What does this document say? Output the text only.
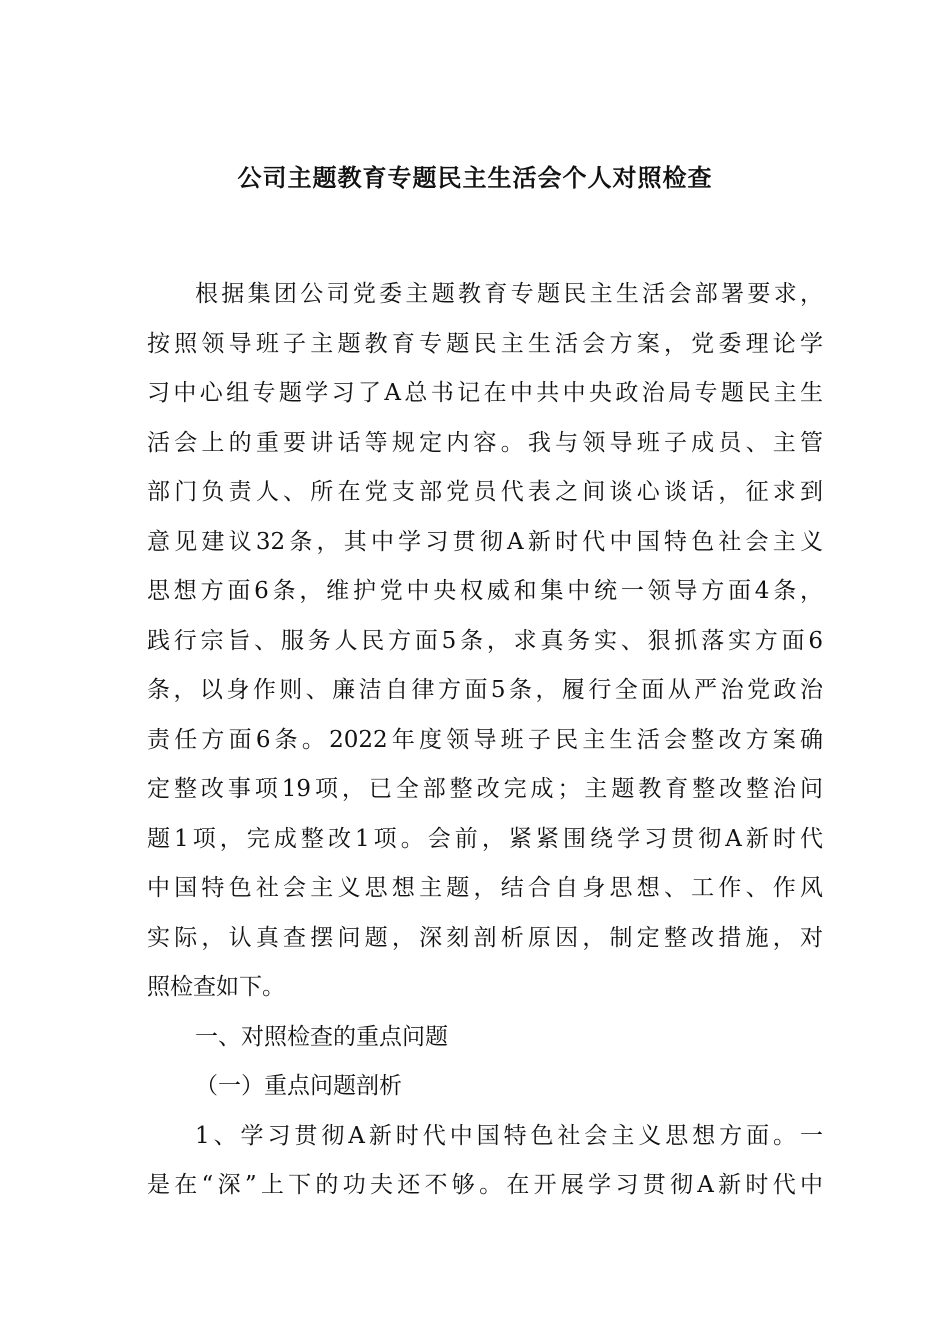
公司主题教育专题民主生活会个人对照检查
根据集团公司党委主题教育专题民主生活会部署要求，
按照领导班子主题教育专题民主生活会方案，党委理论学
习中心组专题学习了A总书记在中共中央政治局专题民主生
活会上的重要讲话等规定内容。我与领导班子成员、主管
部门负责人、所在党支部党员代表之间谈心谈话，征求到
意见建议32条，其中学习贯彻A新时代中国特色社会主义
思想方面6条，维护党中央权威和集中统一领导方面4条，
践行宗旨、服务人民方面5条，求真务实、狠抓落实方面6
条，以身作则、廉洁自律方面5条，履行全面从严治党政治
责任方面6条。2022年度领导班子民主生活会整改方案确
定整改事项19项，已全部整改完成；主题教育整改整治问
题1项，完成整改1项。会前，紧紧围绕学习贯彻A新时代
中国特色社会主义思想主题，结合自身思想、工作、作风
实际，认真查摆问题，深刻剖析原因，制定整改措施，对
照检查如下。
一、对照检查的重点问题
（一）重点问题剖析
1、学习贯彻A新时代中国特色社会主义思想方面。一
是在“深”上下的功夫还不够。在开展学习贯彻A新时代中
